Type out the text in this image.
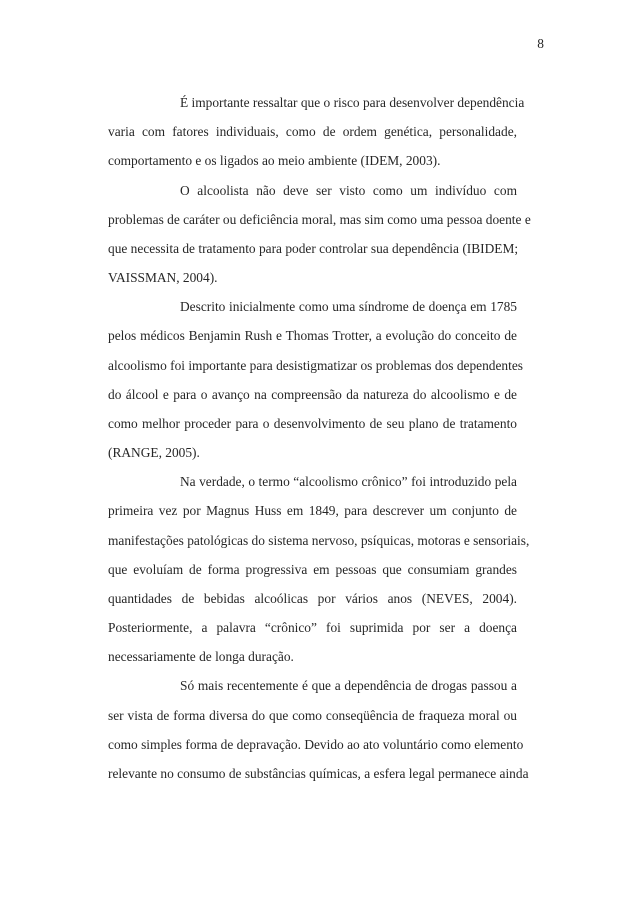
8
É importante ressaltar que o risco para desenvolver dependência
varia com fatores individuais, como de ordem genética, personalidade,
comportamento e os ligados ao meio ambiente (IDEM, 2003).
O alcoolista não deve ser visto como um indivíduo com
problemas de caráter ou deficiência moral, mas sim como uma pessoa doente e
que necessita de tratamento para poder controlar sua dependência (IBIDEM;
VAISSMAN, 2004).
Descrito inicialmente como uma síndrome de doença em 1785
pelos médicos Benjamin Rush e Thomas Trotter, a evolução do conceito de
alcoolismo foi importante para desistigmatizar os problemas dos dependentes
do álcool e para o avanço na compreensão da natureza do alcoolismo e de
como melhor proceder para o desenvolvimento de seu plano de tratamento
(RANGE, 2005).
Na verdade, o termo “alcoolismo crônico” foi introduzido pela
primeira vez por Magnus Huss em 1849, para descrever um conjunto de
manifestações patológicas do sistema nervoso, psíquicas, motoras e sensoriais,
que evoluíam de forma progressiva em pessoas que consumiam grandes
quantidades de bebidas alcoólicas por vários anos (NEVES, 2004).
Posteriormente, a palavra “crônico” foi suprimida por ser a doença
necessariamente de longa duração.
Só mais recentemente é que a dependência de drogas passou a
ser vista de forma diversa do que como conseqüência de fraqueza moral ou
como simples forma de depravação. Devido ao ato voluntário como elemento
relevante no consumo de substâncias químicas, a esfera legal permanece ainda
